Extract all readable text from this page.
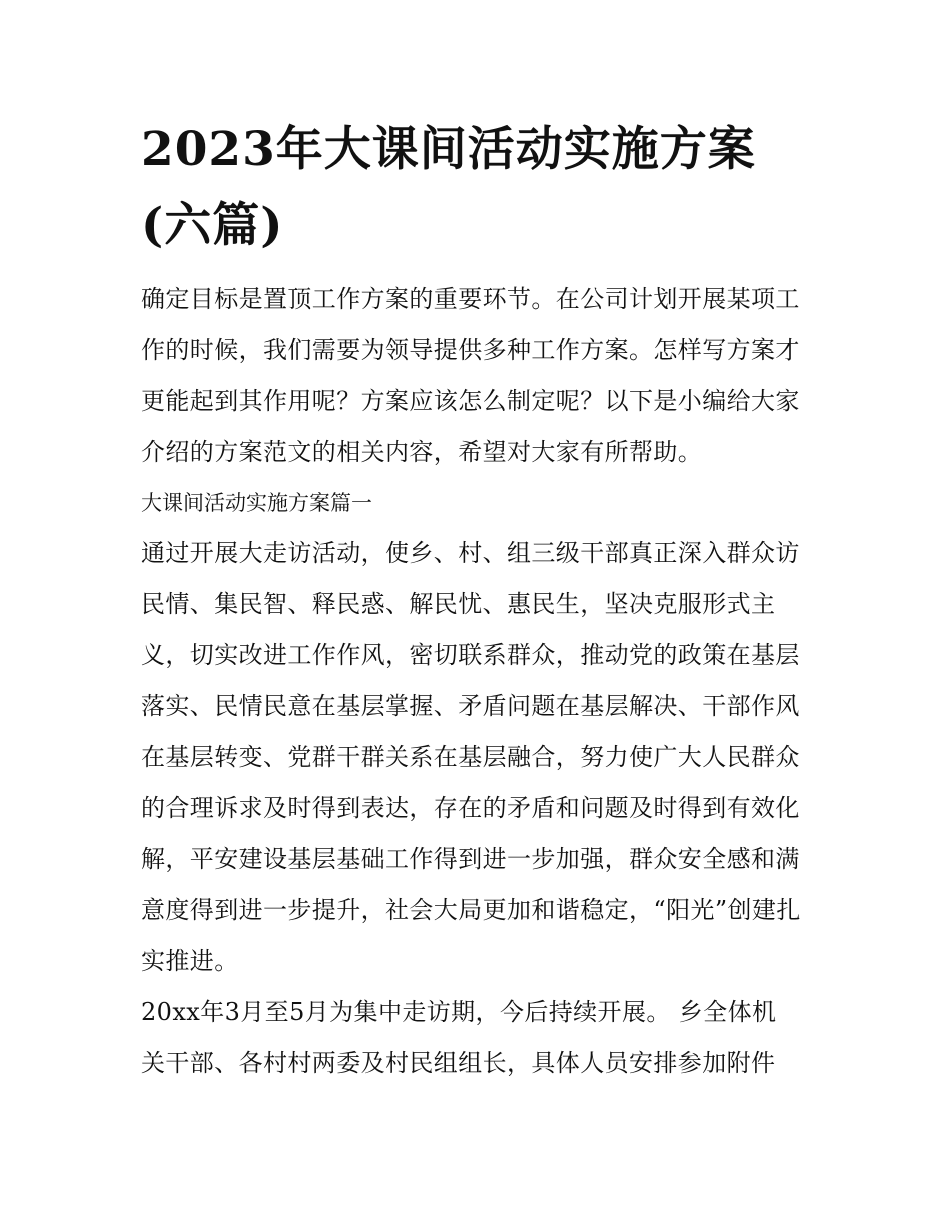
2023年大课间活动实施方案
(六篇)

确定目标是置顶工作方案的重要环节。在公司计划开展某项工
作的时候，我们需要为领导提供多种工作方案。怎样写方案才
更能起到其作用呢？方案应该怎么制定呢？以下是小编给大家
介绍的方案范文的相关内容，希望对大家有所帮助。

大课间活动实施方案篇一

通过开展大走访活动，使乡、村、组三级干部真正深入群众访
民情、集民智、释民惑、解民忧、惠民生，坚决克服形式主
义，切实改进工作作风，密切联系群众，推动党的政策在基层
落实、民情民意在基层掌握、矛盾问题在基层解决、干部作风
在基层转变、党群干群关系在基层融合，努力使广大人民群众
的合理诉求及时得到表达，存在的矛盾和问题及时得到有效化
解，平安建设基层基础工作得到进一步加强，群众安全感和满
意度得到进一步提升，社会大局更加和谐稳定，“阳光”创建扎
实推进。

20xx年3月至5月为集中走访期，今后持续开展。 乡全体机
关干部、各村村两委及村民组组长，具体人员安排参加附件
